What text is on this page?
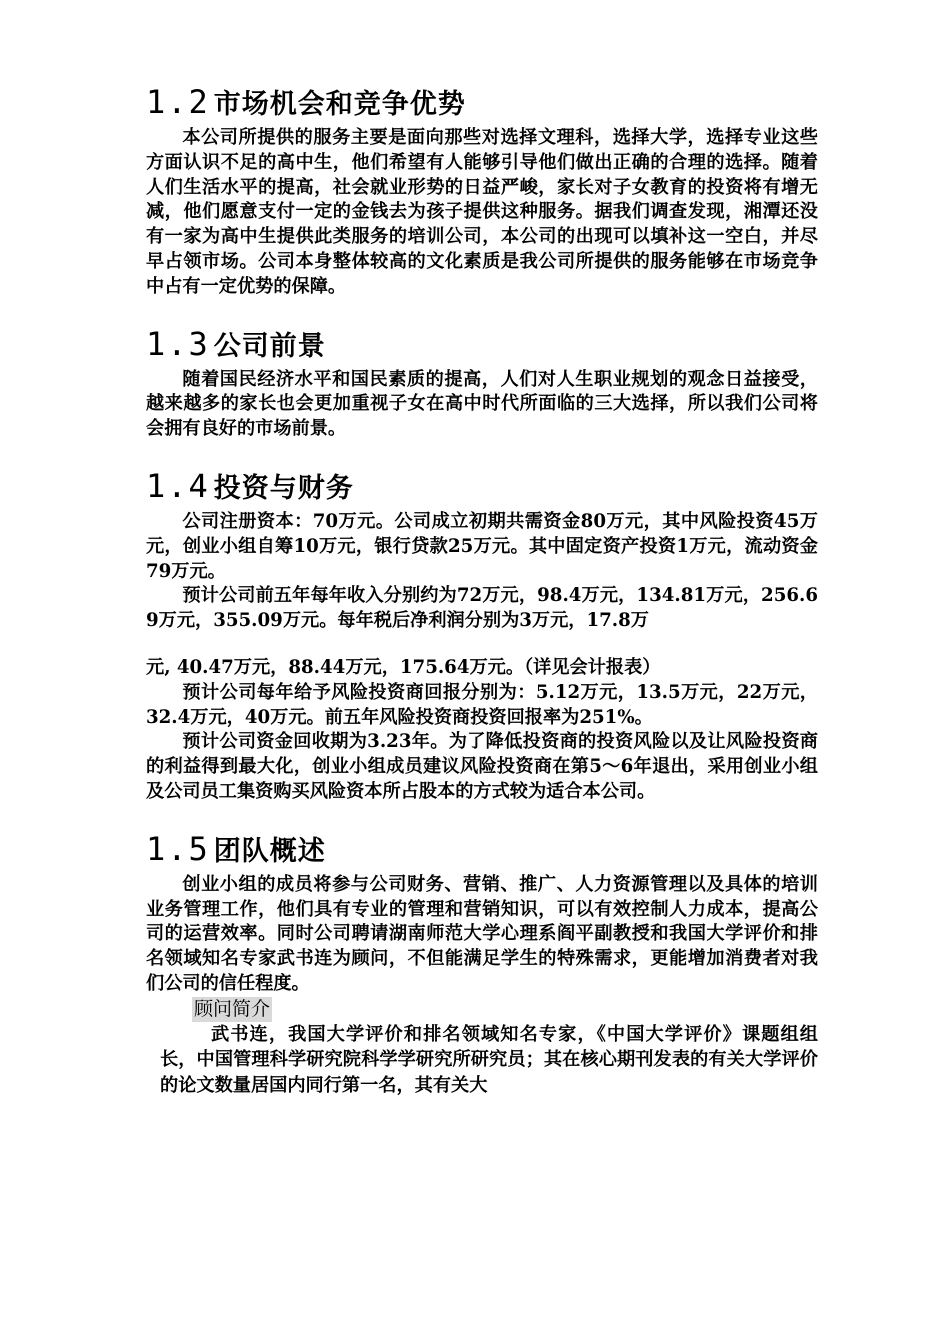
1.2 市场机会和竞争优势

本公司所提供的服务主要是面向那些对选择文理科，选择大学，选择专业这些方面认识不足的高中生，他们希望有人能够引导他们做出正确的合理的选择。随着人们生活水平的提高，社会就业形势的日益严峻，家长对子女教育的投资将有增无减，他们愿意支付一定的金钱去为孩子提供这种服务。据我们调查发现，湘潭还没有一家为高中生提供此类服务的培训公司，本公司的出现可以填补这一空白，并尽早占领市场。公司本身整体较高的文化素质是我公司所提供的服务能够在市场竞争中占有一定优势的保障。

1.3 公司前景

随着国民经济水平和国民素质的提高，人们对人生职业规划的观念日益接受，越来越多的家长也会更加重视子女在高中时代所面临的三大选择，所以我们公司将会拥有良好的市场前景。

1.4 投资与财务

公司注册资本：70万元。公司成立初期共需资金80万元，其中风险投资45万元，创业小组自筹10万元，银行贷款25万元。其中固定资产投资1万元，流动资金79万元。

预计公司前五年每年收入分别约为72万元，98.4万元，134.81万元，256.69万元，355.09万元。每年税后净利润分别为3万元，17.8万

元, 40.47万元，88.44万元，175.64万元。（详见会计报表）

预计公司每年给予风险投资商回报分别为：5.12万元，13.5万元，22万元，32.4万元，40万元。前五年风险投资商投资回报率为251%。

预计公司资金回收期为3.23年。为了降低投资商的投资风险以及让风险投资商的利益得到最大化，创业小组成员建议风险投资商在第5～6年退出，采用创业小组及公司员工集资购买风险资本所占股本的方式较为适合本公司。

1.5 团队概述

创业小组的成员将参与公司财务、营销、推广、人力资源管理以及具体的培训业务管理工作，他们具有专业的管理和营销知识，可以有效控制人力成本，提高公司的运营效率。同时公司聘请湖南师范大学心理系阎平副教授和我国大学评价和排名领域知名专家武书连为顾问，不但能满足学生的特殊需求，更能增加消费者对我们公司的信任程度。

顾问简介

武书连，我国大学评价和排名领域知名专家，《中国大学评价》课题组组长，中国管理科学研究院科学学研究所研究员；其在核心期刊发表的有关大学评价的论文数量居国内同行第一名，其有关大
